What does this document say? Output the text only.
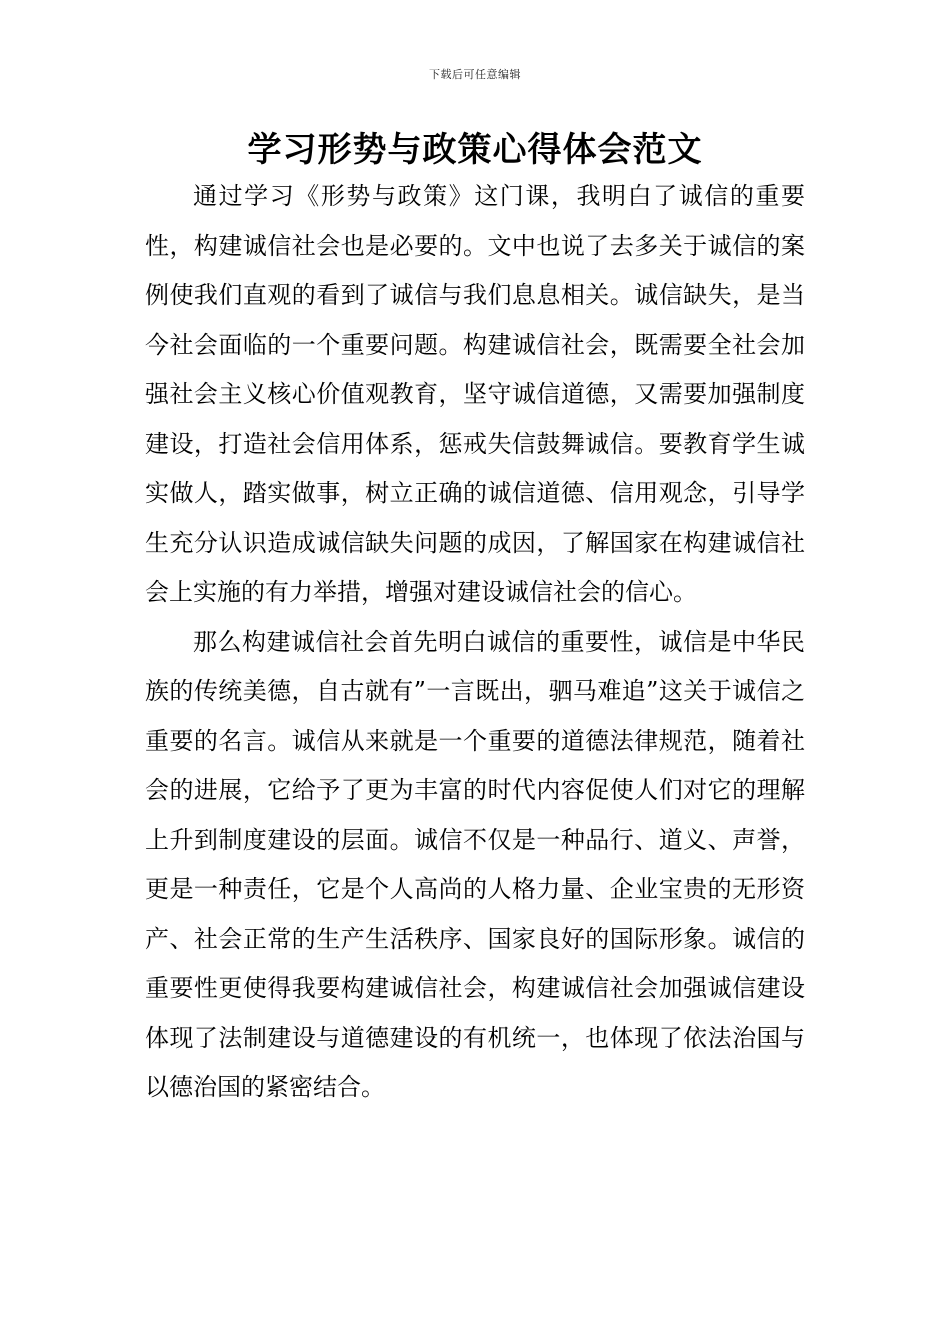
下载后可任意编辑
学习形势与政策心得体会范文

通过学习《形势与政策》这门课，我明白了诚信的重要性，构建诚信社会也是必要的。文中也说了去多关于诚信的案例使我们直观的看到了诚信与我们息息相关。诚信缺失，是当今社会面临的一个重要问题。构建诚信社会，既需要全社会加强社会主义核心价值观教育，坚守诚信道德，又需要加强制度建设，打造社会信用体系，惩戒失信鼓舞诚信。要教育学生诚实做人，踏实做事，树立正确的诚信道德、信用观念，引导学生充分认识造成诚信缺失问题的成因，了解国家在构建诚信社会上实施的有力举措，增强对建设诚信社会的信心。

那么构建诚信社会首先明白诚信的重要性，诚信是中华民族的传统美德，自古就有”一言既出，驷马难追”这关于诚信之重要的名言。诚信从来就是一个重要的道德法律规范，随着社会的进展，它给予了更为丰富的时代内容促使人们对它的理解上升到制度建设的层面。诚信不仅是一种品行、道义、声誉，更是一种责任，它是个人高尚的人格力量、企业宝贵的无形资产、社会正常的生产生活秩序、国家良好的国际形象。诚信的重要性更使得我要构建诚信社会，构建诚信社会加强诚信建设体现了法制建设与道德建设的有机统一，也体现了依法治国与以德治国的紧密结合。
